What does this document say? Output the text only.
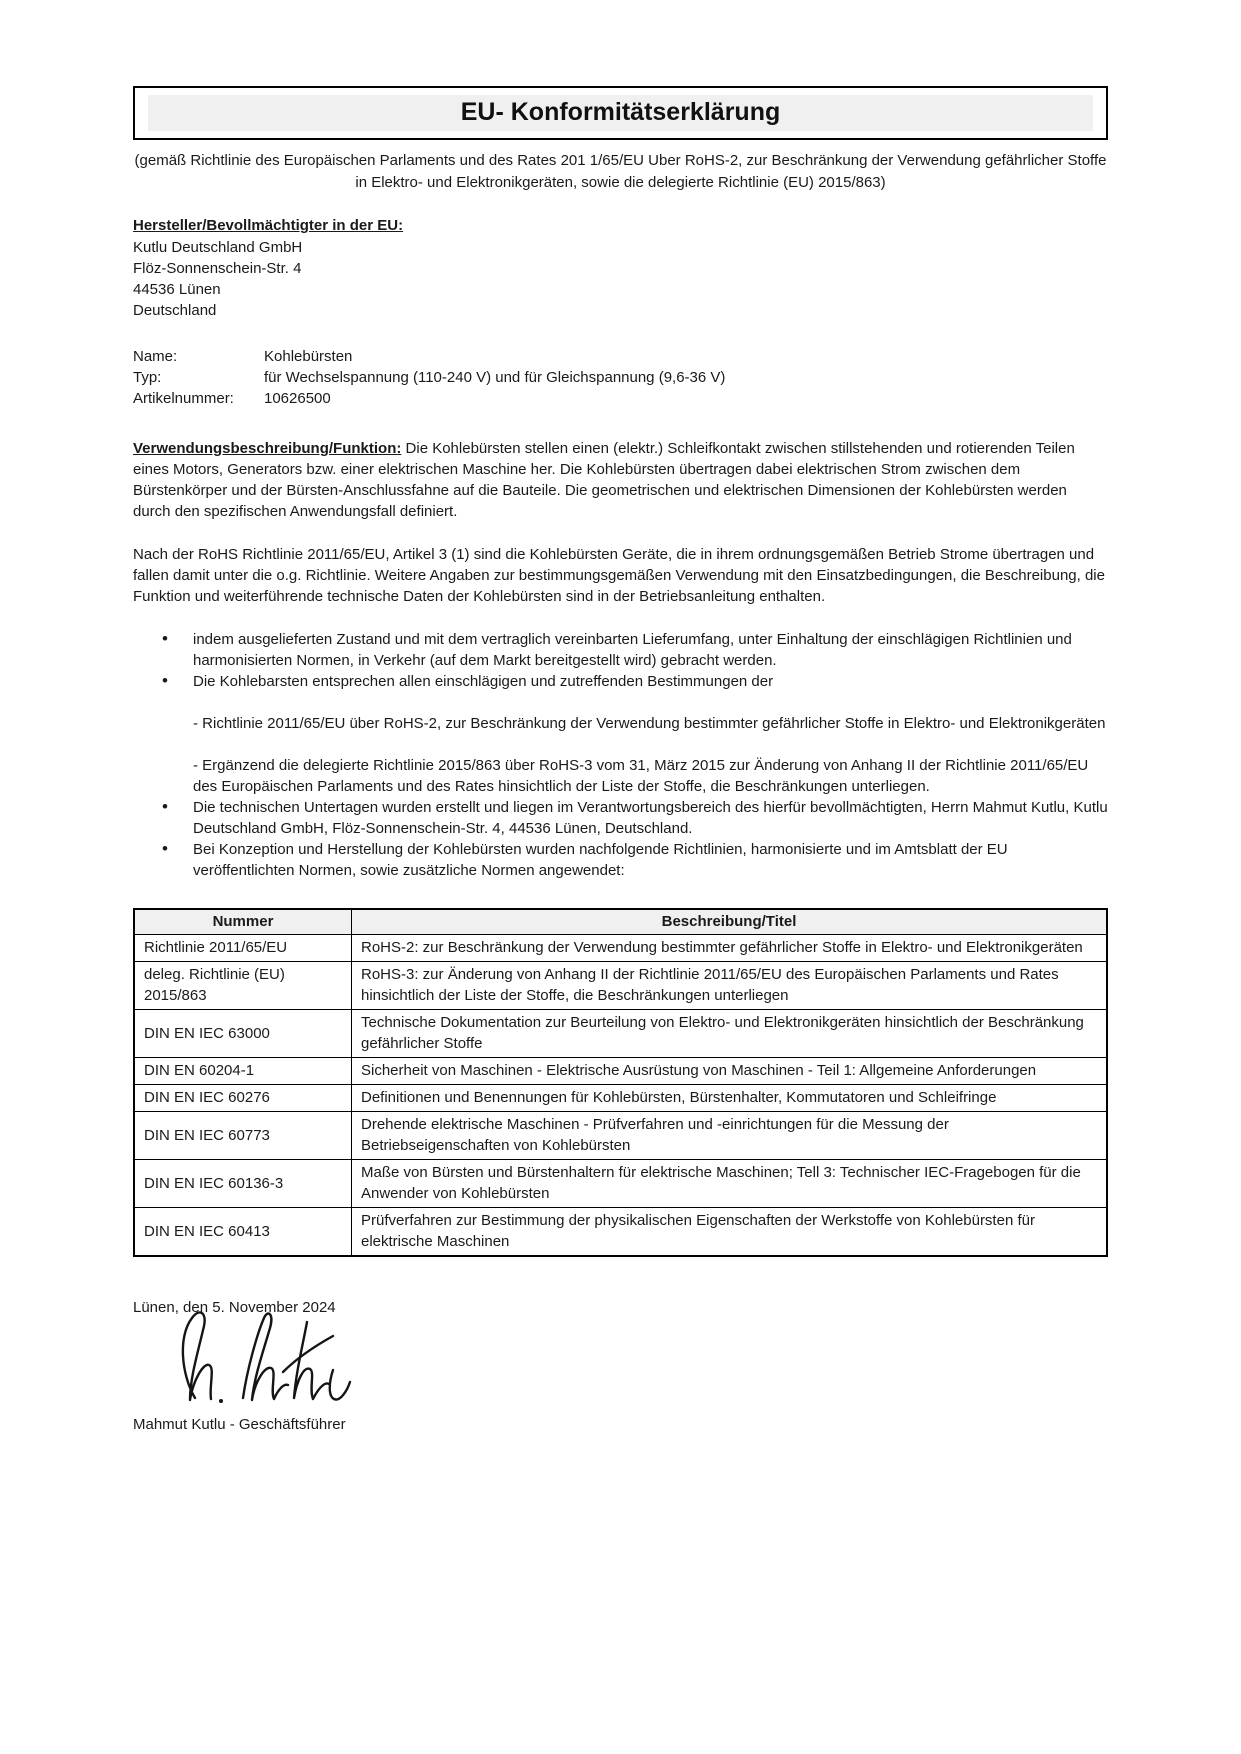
EU- Konformitätserklärung

(gemäß Richtlinie des Europäischen Parlaments und des Rates 201 1/65/EU Uber RoHS-2, zur Beschränkung der Verwendung gefährlicher Stoffe in Elektro- und Elektronikgeräten, sowie die delegierte Richtlinie (EU) 2015/863)

Hersteller/Bevollmächtigter in der EU:
Kutlu Deutschland GmbH
Flöz-Sonnenschein-Str. 4
44536 Lünen
Deutschland
Name:	Kohlebürsten
Typ:	für Wechselspannung (110-240 V) und für Gleichspannung (9,6-36 V)
Artikelnummer: 10626500

Verwendungsbeschreibung/Funktion: Die Kohlebürsten stellen einen (elektr.) Schleifkontakt zwischen stillstehenden und rotierenden Teilen eines Motors, Generators bzw. einer elektrischen Maschine her. Die Kohlebürsten übertragen dabei elektrischen Strom zwischen dem Bürstenkörper und der Bürsten-Anschlussfahne auf die Bauteile. Die geometrischen und elektrischen Dimensionen der Kohlebürsten werden durch den spezifischen Anwendungsfall definiert.

Nach der RoHS Richtlinie 2011/65/EU, Artikel 3 (1) sind die Kohlebürsten Geräte, die in ihrem ordnungsgemäßen Betrieb Strome übertragen und fallen damit unter die o.g. Richtlinie. Weitere Angaben zur bestimmungsgemäßen Verwendung mit den Einsatzbedingungen, die Beschreibung, die Funktion und weiterführende technische Daten der Kohlebürsten sind in der Betriebsanleitung enthalten.

• indem ausgelieferten Zustand und mit dem vertraglich vereinbarten Lieferumfang, unter Einhaltung der einschlägigen Richtlinien und harmonisierten Normen, in Verkehr (auf dem Markt bereitgestellt wird) gebracht werden.
• Die Kohlebarsten entsprechen allen einschlägigen und zutreffenden Bestimmungen der
- Richtlinie 2011/65/EU über RoHS-2, zur Beschränkung der Verwendung bestimmter gefährlicher Stoffe in Elektro- und Elektronikgeräten
- Ergänzend die delegierte Richtlinie 2015/863 über RoHS-3 vom 31, März 2015 zur Änderung von Anhang II der Richtlinie 2011/65/EU des Europäischen Parlaments und des Rates hinsichtlich der Liste der Stoffe, die Beschränkungen unterliegen.
• Die technischen Untertagen wurden erstellt und liegen im Verantwortungsbereich des hierfür bevollmächtigten, Herrn Mahmut Kutlu, Kutlu Deutschland GmbH, Flöz-Sonnenschein-Str. 4, 44536 Lünen, Deutschland.
• Bei Konzeption und Herstellung der Kohlebürsten wurden nachfolgende Richtlinien, harmonisierte und im Amtsblatt der EU veröffentlichten Normen, sowie zusätzliche Normen angewendet:
Nummer	Beschreibung/Titel
Richtlinie 2011/65/EU	RoHS-2: zur Beschränkung der Verwendung bestimmter gefährlicher Stoffe in Elektro- und Elektronikgeräten
deleg. Richtlinie (EU) 2015/863	RoHS-3: zur Änderung von Anhang II der Richtlinie 2011/65/EU des Europäischen Parlaments und Rates hinsichtlich der Liste der Stoffe, die Beschränkungen unterliegen
DIN EN IEC 63000	Technische Dokumentation zur Beurteilung von Elektro- und Elektronikgeräten hinsichtlich der Beschränkung gefährlicher Stoffe
DIN EN 60204-1	Sicherheit von Maschinen - Elektrische Ausrüstung von Maschinen - Teil 1: Allgemeine Anforderungen
DIN EN IEC 60276	Definitionen und Benennungen für Kohlebürsten, Bürstenhalter, Kommutatoren und Schleifringe
DIN EN IEC 60773	Drehende elektrische Maschinen - Prüfverfahren und -einrichtungen für die Messung der Betriebseigenschaften von Kohlebürsten
DIN EN IEC 60136-3	Maße von Bürsten und Bürstenhaltern für elektrische Maschinen; Tell 3: Technischer IEC-Fragebogen für die Anwender von Kohlebürsten
DIN EN IEC 60413	Prüfverfahren zur Bestimmung der physikalischen Eigenschaften der Werkstoffe von Kohlebürsten für elektrische Maschinen
Lünen, den 5. November 2024
Mahmut Kutlu - Geschäftsführer
